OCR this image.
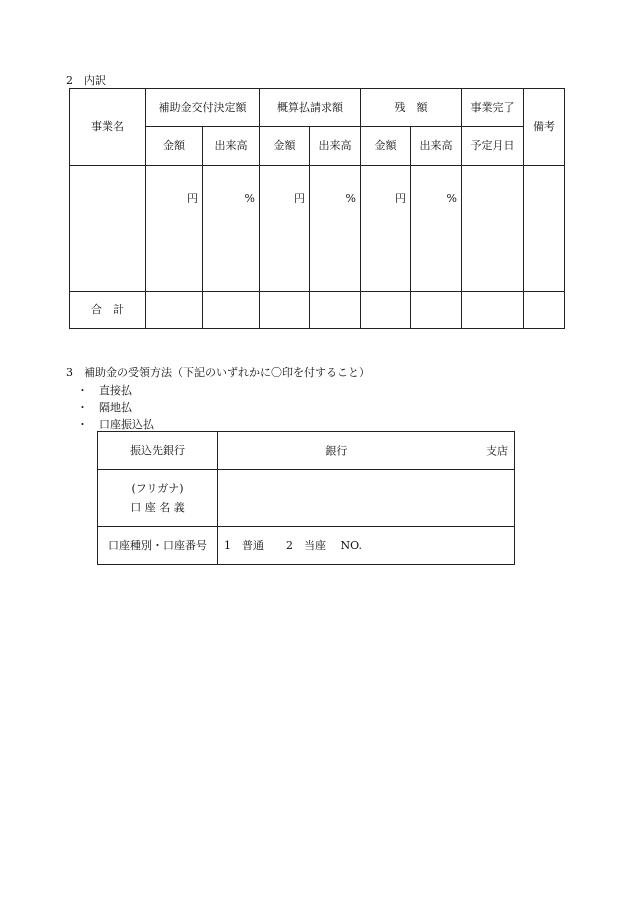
2　内訳
事業名	補助金交付決定額		概算払請求額		残　額		事業完了	備考
	金額	出来高	金額	出来高	金額	出来高	予定月日	

	円	%	円	%	円	%		

合　計								
3　補助金の受領方法（下記のいずれかに〇印を付すること）
・ 直接払
・ 隔地払
・ 口座振込払
振込先銀行	銀行 支店

(フリガナ)
口 座 名 義	

口座種別・口座番号	1　普通　　2　当座　 NO.
